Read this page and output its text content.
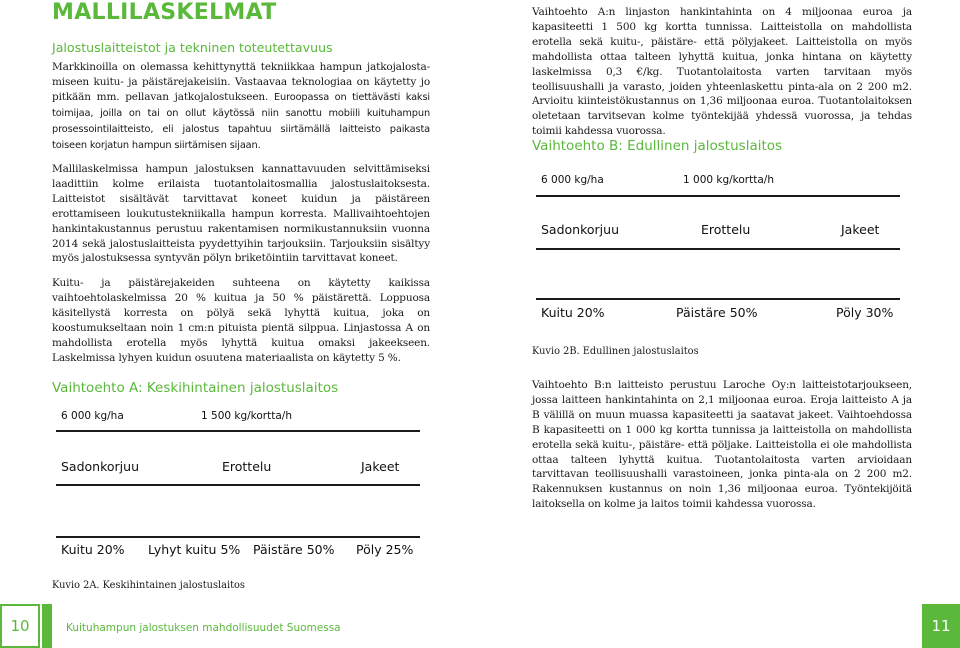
MALLILASKELMAT
Jalostuslaitteistot ja tekninen toteutettavuus
Markkinoilla on olemassa kehittynyttä tekniikkaa hampun jatkojalosta- miseen kuitu- ja päistärejakeisiin. Vastaavaa teknologiaa on käytetty jo pitkään mm. pellavan jatkojalostukseen. Euroopassa on tiettävästi kaksi toimijaa, joilla on tai on ollut käytössä niin sanottu mobiili kuituhampun prosessointilaitteisto, eli jalostus tapahtuu siirtämällä laitteisto paikasta toiseen korjatun hampun siirtämisen sijaan.
Mallilaskelmissa hampun jalostuksen kannattavuuden selvittämiseksi laadittiin kolme erilaista tuotantolaitosmallia jalostuslaitoksesta. Laitteistot sisältävät tarvittavat koneet kuidun ja päistäreen erottamiseen loukutustekniikalla hampun korresta. Mallivaihtoehtojen hankintakustannus perustuu rakentamisen normikustannuksiin vuonna 2014 sekä jalostuslaitteista pyydettyihin tarjouksiin. Tarjouksiin sisältyy myös jalostuksessa syntyvän pölyn briketöintiin tarvittavat koneet.
Kuitu- ja päistärejakeiden suhteena on käytetty kaikissa vaihtoehtolaskelmissa 20 % kuitua ja 50 % päistärettä. Loppuosa käsitellystä korresta on pölyä sekä lyhyttä kuitua, joka on koostumukseltaan noin 1 cm:n pituista pientä silppua. Linjastossa A on mahdollista erotella myös lyhyttä kuitua omaksi jakeekseen. Laskelmissa lyhyen kuidun osuutena materiaalista on käytetty 5 %.
Vaihtoehto A: Keskihintainen jalostuslaitos
6 000 kg/ha	1 500 kg/kortta/h
Sadonkorjuu	Erottelu	Jakeet
Kuitu 20% Lyhyt kuitu 5% Päistäre 50% Pöly 25%
Kuvio 2A. Keskihintainen jalostuslaitos
Vaihtoehto A:n linjaston hankintahinta on 4 miljoonaa euroa ja kapasiteetti 1 500 kg kortta tunnissa. Laitteistolla on mahdollista erotella sekä kuitu-, päistäre- että pölyjakeet. Laitteistolla on myös mahdollista ottaa talteen lyhyttä kuitua, jonka hintana on käytetty laskelmissa 0,3 €/kg. Tuotantolaitosta varten tarvitaan myös teollisuushalli ja varasto, joiden yhteenlaskettu pinta-ala on 2 200 m2. Arvioitu kiinteistökustannus on 1,36 miljoonaa euroa. Tuotantolaitoksen oletetaan tarvitsevan kolme työntekijää yhdessä vuorossa, ja tehdas toimii kahdessa vuorossa.
Vaihtoehto B: Edullinen jalostuslaitos
6 000 kg/ha	1 000 kg/kortta/h
Sadonkorjuu	Erottelu	Jakeet
Kuitu 20%	Päistäre 50%	Pöly 30%
Kuvio 2B. Edullinen jalostuslaitos
Vaihtoehto B:n laitteisto perustuu Laroche Oy:n laitteistotarjoukseen, jossa laitteen hankintahinta on 2,1 miljoonaa euroa. Eroja laitteisto A ja B välillä on muun muassa kapasiteetti ja saatavat jakeet. Vaihtoehdossa B kapasiteetti on 1 000 kg kortta tunnissa ja laitteistolla on mahdollista erotella sekä kuitu-, päistäre- että pöljake. Laitteistolla ei ole mahdollista ottaa talteen lyhyttä kuitua. Tuotantolaitosta varten arvioidaan tarvittavan teollisuushalli varastoineen, jonka pinta-ala on 2 200 m2. Rakennuksen kustannus on noin 1,36 miljoonaa euroa. Työntekijöitä laitoksella on kolme ja laitos toimii kahdessa vuorossa.
10	Kuituhampun jalostuksen mahdollisuudet Suomessa	11
